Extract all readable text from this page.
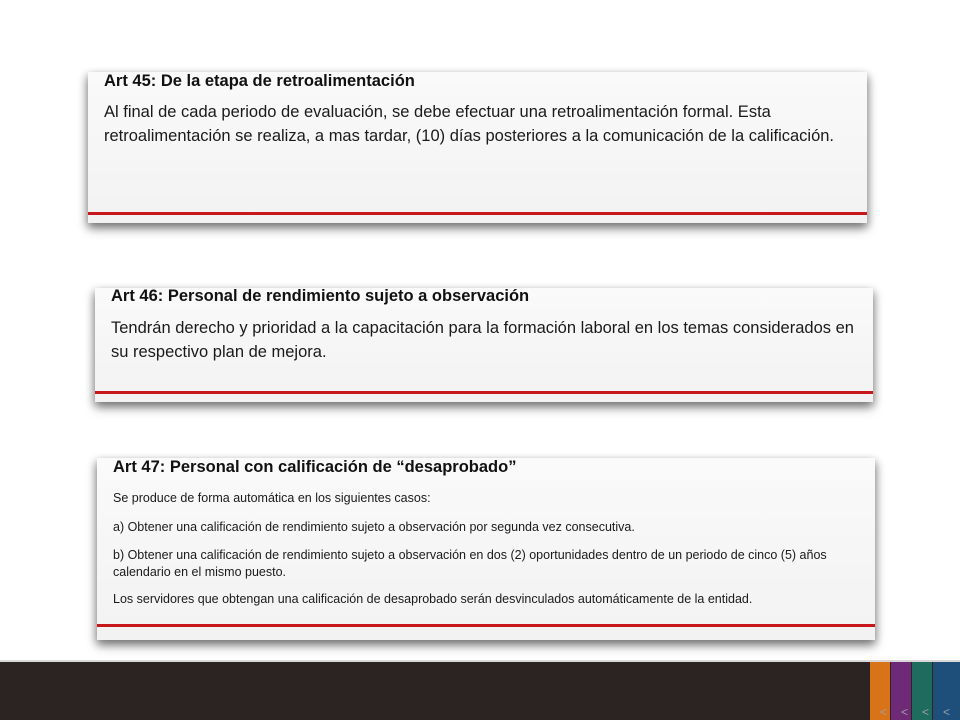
Art 45: De la etapa de retroalimentación

Al final de cada periodo de evaluación, se debe efectuar una retroalimentación formal. Esta retroalimentación se realiza, a mas tardar, (10) días posteriores a la comunicación de la calificación.

Art 46: Personal de rendimiento sujeto a observación

Tendrán derecho y prioridad a la capacitación para la formación laboral en los temas considerados en su respectivo plan de mejora.

Art 47: Personal con calificación de “desaprobado”

Se produce de forma automática en los siguientes casos:

a) Obtener una calificación de rendimiento sujeto a observación por segunda vez consecutiva.

b) Obtener una calificación de rendimiento sujeto a observación en dos (2) oportunidades dentro de un periodo de cinco (5) años calendario en el mismo puesto.

Los servidores que obtengan una calificación de desaprobado serán desvinculados automáticamente de la entidad.

< < < <
